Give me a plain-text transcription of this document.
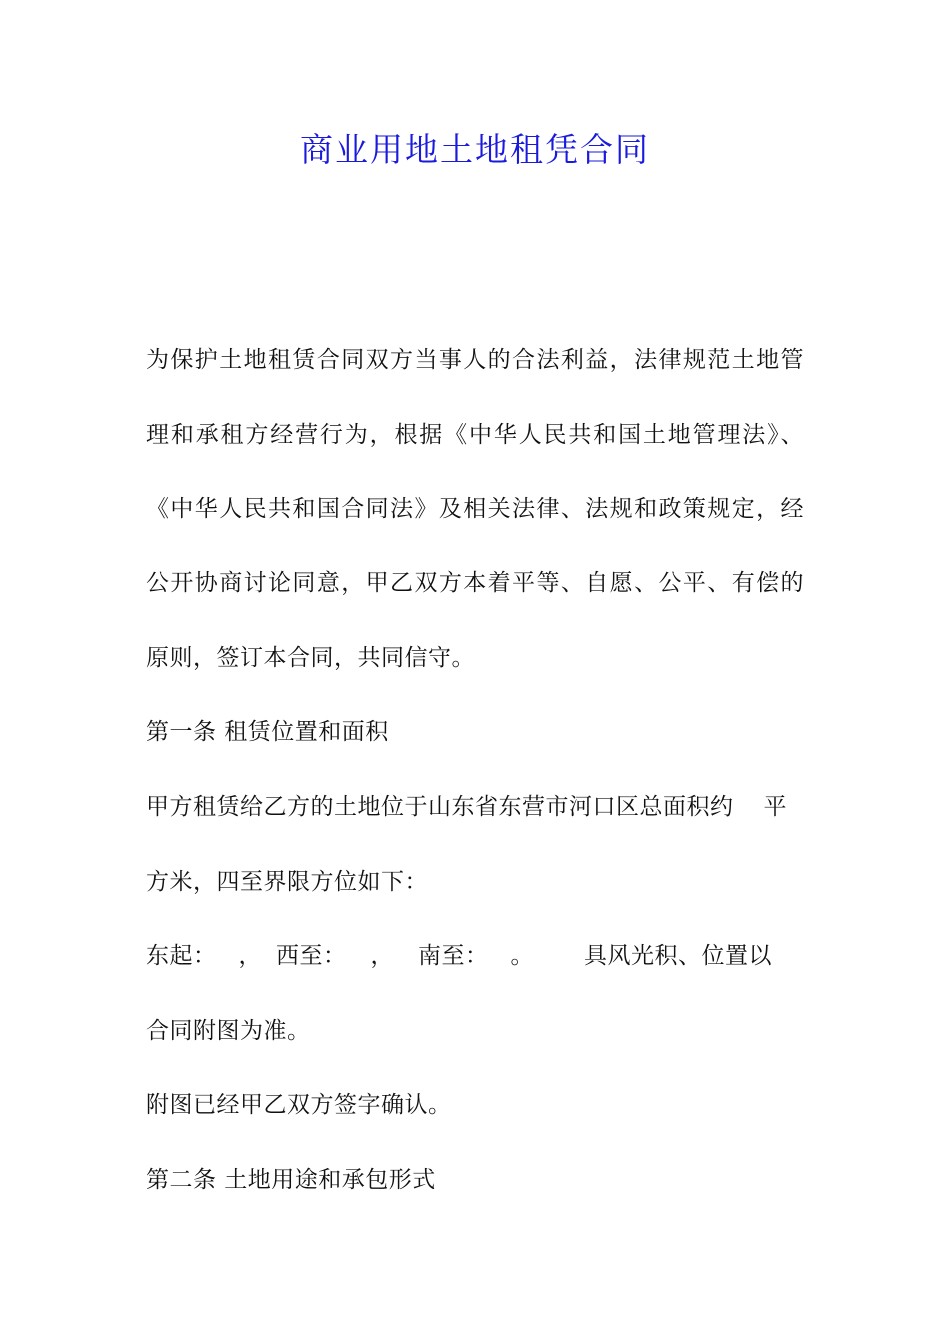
商业用地土地租凭合同
为保护土地租赁合同双方当事人的合法利益，法律规范土地管
理和承租方经营行为，根据《中华人民共和国土地管理法》、
《中华人民共和国合同法》及相关法律、法规和政策规定，经
公开协商讨论同意，甲乙双方本着平等、自愿、公平、有偿的
原则，签订本合同，共同信守。
第一条 租赁位置和面积
甲方租赁给乙方的土地位于山东省东营市河口区总面积约 平
方米，四至界限方位如下：
东起： ， 西至： ， 南至： 。 具风光积、位置以
合同附图为准。
附图已经甲乙双方签字确认。
第二条 土地用途和承包形式
